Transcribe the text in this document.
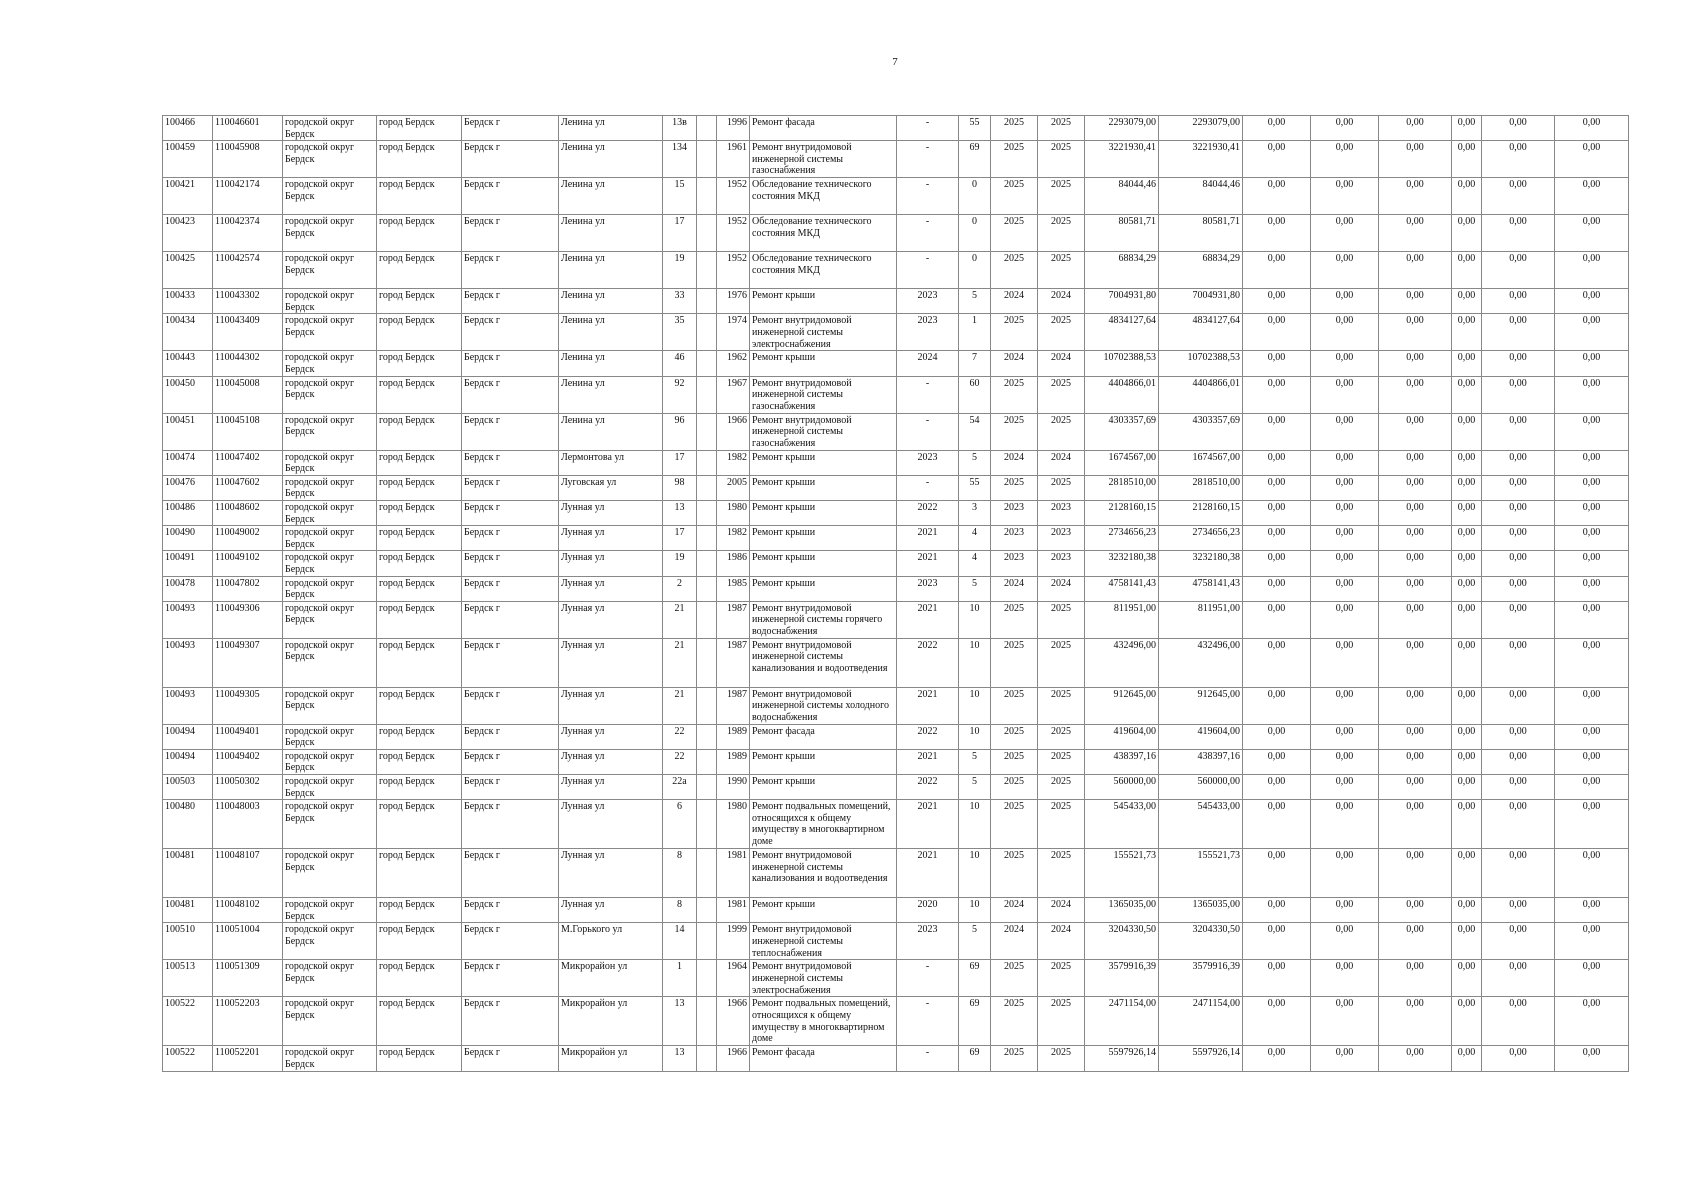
7
100466	110046601	городской округ Бердск	город Бердск	Бердск г	Ленина ул	13в		1996	Ремонт фасада	-	55	2025	2025	2293079,00	2293079,00	0,00	0,00	0,00	0,00	0,00	0,00
100459	110045908	городской округ Бердск	город Бердск	Бердск г	Ленина ул	134		1961	Ремонт внутридомовой инженерной системы газоснабжения	-	69	2025	2025	3221930,41	3221930,41	0,00	0,00	0,00	0,00	0,00	0,00
100421	110042174	городской округ Бердск	город Бердск	Бердск г	Ленина ул	15		1952	Обследование технического состояния МКД	-	0	2025	2025	84044,46	84044,46	0,00	0,00	0,00	0,00	0,00	0,00
100423	110042374	городской округ Бердск	город Бердск	Бердск г	Ленина ул	17		1952	Обследование технического состояния МКД	-	0	2025	2025	80581,71	80581,71	0,00	0,00	0,00	0,00	0,00	0,00
100425	110042574	городской округ Бердск	город Бердск	Бердск г	Ленина ул	19		1952	Обследование технического состояния МКД	-	0	2025	2025	68834,29	68834,29	0,00	0,00	0,00	0,00	0,00	0,00
100433	110043302	городской округ Бердск	город Бердск	Бердск г	Ленина ул	33		1976	Ремонт крыши	2023	5	2024	2024	7004931,80	7004931,80	0,00	0,00	0,00	0,00	0,00	0,00
100434	110043409	городской округ Бердск	город Бердск	Бердск г	Ленина ул	35		1974	Ремонт внутридомовой инженерной системы электроснабжения	2023	1	2025	2025	4834127,64	4834127,64	0,00	0,00	0,00	0,00	0,00	0,00
100443	110044302	городской округ Бердск	город Бердск	Бердск г	Ленина ул	46		1962	Ремонт крыши	2024	7	2024	2024	10702388,53	10702388,53	0,00	0,00	0,00	0,00	0,00	0,00
100450	110045008	городской округ Бердск	город Бердск	Бердск г	Ленина ул	92		1967	Ремонт внутридомовой инженерной системы газоснабжения	-	60	2025	2025	4404866,01	4404866,01	0,00	0,00	0,00	0,00	0,00	0,00
100451	110045108	городской округ Бердск	город Бердск	Бердск г	Ленина ул	96		1966	Ремонт внутридомовой инженерной системы газоснабжения	-	54	2025	2025	4303357,69	4303357,69	0,00	0,00	0,00	0,00	0,00	0,00
100474	110047402	городской округ Бердск	город Бердск	Бердск г	Лермонтова ул	17		1982	Ремонт крыши	2023	5	2024	2024	1674567,00	1674567,00	0,00	0,00	0,00	0,00	0,00	0,00
100476	110047602	городской округ Бердск	город Бердск	Бердск г	Луговская ул	98		2005	Ремонт крыши	-	55	2025	2025	2818510,00	2818510,00	0,00	0,00	0,00	0,00	0,00	0,00
100486	110048602	городской округ Бердск	город Бердск	Бердск г	Лунная ул	13		1980	Ремонт крыши	2022	3	2023	2023	2128160,15	2128160,15	0,00	0,00	0,00	0,00	0,00	0,00
100490	110049002	городской округ Бердск	город Бердск	Бердск г	Лунная ул	17		1982	Ремонт крыши	2021	4	2023	2023	2734656,23	2734656,23	0,00	0,00	0,00	0,00	0,00	0,00
100491	110049102	городской округ Бердск	город Бердск	Бердск г	Лунная ул	19		1986	Ремонт крыши	2021	4	2023	2023	3232180,38	3232180,38	0,00	0,00	0,00	0,00	0,00	0,00
100478	110047802	городской округ Бердск	город Бердск	Бердск г	Лунная ул	2		1985	Ремонт крыши	2023	5	2024	2024	4758141,43	4758141,43	0,00	0,00	0,00	0,00	0,00	0,00
100493	110049306	городской округ Бердск	город Бердск	Бердск г	Лунная ул	21		1987	Ремонт внутридомовой инженерной системы горячего водоснабжения	2021	10	2025	2025	811951,00	811951,00	0,00	0,00	0,00	0,00	0,00	0,00
100493	110049307	городской округ Бердск	город Бердск	Бердск г	Лунная ул	21		1987	Ремонт внутридомовой инженерной системы канализования и водоотведения	2022	10	2025	2025	432496,00	432496,00	0,00	0,00	0,00	0,00	0,00	0,00
100493	110049305	городской округ Бердск	город Бердск	Бердск г	Лунная ул	21		1987	Ремонт внутридомовой инженерной системы холодного водоснабжения	2021	10	2025	2025	912645,00	912645,00	0,00	0,00	0,00	0,00	0,00	0,00
100494	110049401	городской округ Бердск	город Бердск	Бердск г	Лунная ул	22		1989	Ремонт фасада	2022	10	2025	2025	419604,00	419604,00	0,00	0,00	0,00	0,00	0,00	0,00
100494	110049402	городской округ Бердск	город Бердск	Бердск г	Лунная ул	22		1989	Ремонт крыши	2021	5	2025	2025	438397,16	438397,16	0,00	0,00	0,00	0,00	0,00	0,00
100503	110050302	городской округ Бердск	город Бердск	Бердск г	Лунная ул	22а		1990	Ремонт крыши	2022	5	2025	2025	560000,00	560000,00	0,00	0,00	0,00	0,00	0,00	0,00
100480	110048003	городской округ Бердск	город Бердск	Бердск г	Лунная ул	6		1980	Ремонт подвальных помещений, относящихся к общему имуществу в многоквартирном доме	2021	10	2025	2025	545433,00	545433,00	0,00	0,00	0,00	0,00	0,00	0,00
100481	110048107	городской округ Бердск	город Бердск	Бердск г	Лунная ул	8		1981	Ремонт внутридомовой инженерной системы канализования и водоотведения	2021	10	2025	2025	155521,73	155521,73	0,00	0,00	0,00	0,00	0,00	0,00
100481	110048102	городской округ Бердск	город Бердск	Бердск г	Лунная ул	8		1981	Ремонт крыши	2020	10	2024	2024	1365035,00	1365035,00	0,00	0,00	0,00	0,00	0,00	0,00
100510	110051004	городской округ Бердск	город Бердск	Бердск г	М.Горького ул	14		1999	Ремонт внутридомовой инженерной системы теплоснабжения	2023	5	2024	2024	3204330,50	3204330,50	0,00	0,00	0,00	0,00	0,00	0,00
100513	110051309	городской округ Бердск	город Бердск	Бердск г	Микрорайон ул	1		1964	Ремонт внутридомовой инженерной системы электроснабжения	-	69	2025	2025	3579916,39	3579916,39	0,00	0,00	0,00	0,00	0,00	0,00
100522	110052203	городской округ Бердск	город Бердск	Бердск г	Микрорайон ул	13		1966	Ремонт подвальных помещений, относящихся к общему имуществу в многоквартирном доме	-	69	2025	2025	2471154,00	2471154,00	0,00	0,00	0,00	0,00	0,00	0,00
100522	110052201	городской округ Бердск	город Бердск	Бердск г	Микрорайон ул	13		1966	Ремонт фасада	-	69	2025	2025	5597926,14	5597926,14	0,00	0,00	0,00	0,00	0,00	0,00
